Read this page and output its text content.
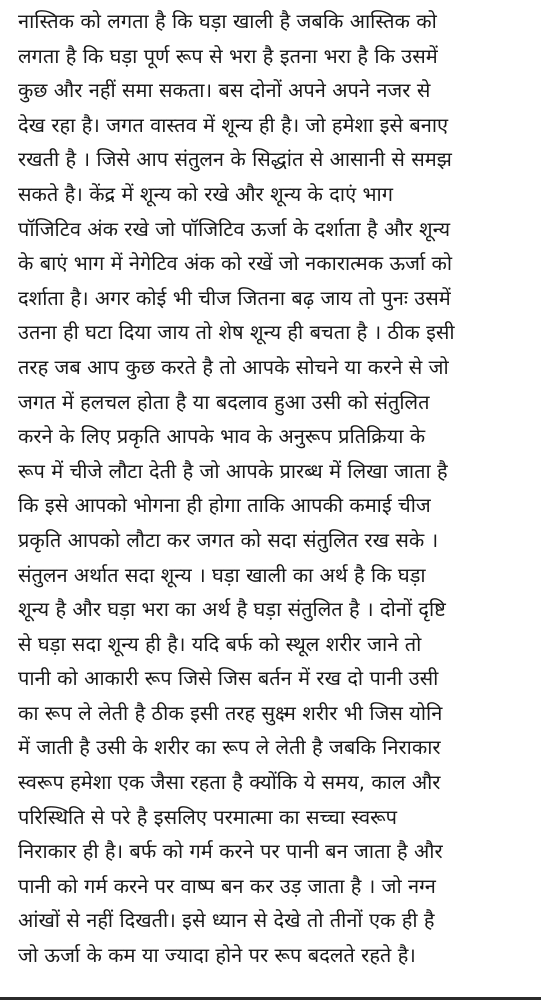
नास्तिक को लगता है कि घड़ा खाली है जबकि आस्तिक को
लगता है कि घड़ा पूर्ण रूप से भरा है इतना भरा है कि उसमें
कुछ और नहीं समा सकता। बस दोनों अपने अपने नजर से
देख रहा है। जगत वास्तव में शून्य ही है। जो हमेशा इसे बनाए
रखती है । जिसे आप संतुलन के सिद्धांत से आसानी से समझ
सकते है। केंद्र में शून्य को रखे और शून्य के दाएं भाग
पॉजिटिव अंक रखे जो पॉजिटिव ऊर्जा के दर्शाता है और शून्य
के बाएं भाग में नेगेटिव अंक को रखें जो नकारात्मक ऊर्जा को
दर्शाता है। अगर कोई भी चीज जितना बढ़ जाय तो पुनः उसमें
उतना ही घटा दिया जाय तो शेष शून्य ही बचता है । ठीक इसी
तरह जब आप कुछ करते है तो आपके सोचने या करने से जो
जगत में हलचल होता है या बदलाव हुआ उसी को संतुलित
करने के लिए प्रकृति आपके भाव के अनुरूप प्रतिक्रिया के
रूप में चीजे लौटा देती है जो आपके प्रारब्ध में लिखा जाता है
कि इसे आपको भोगना ही होगा ताकि आपकी कमाई चीज
प्रकृति आपको लौटा कर जगत को सदा संतुलित रख सके ।
संतुलन अर्थात सदा शून्य । घड़ा खाली का अर्थ है कि घड़ा
शून्य है और घड़ा भरा का अर्थ है घड़ा संतुलित है । दोनों दृष्टि
से घड़ा सदा शून्य ही है। यदि बर्फ को स्थूल शरीर जाने तो
पानी को आकारी रूप जिसे जिस बर्तन में रख दो पानी उसी
का रूप ले लेती है ठीक इसी तरह सुक्ष्म शरीर भी जिस योनि
में जाती है उसी के शरीर का रूप ले लेती है जबकि निराकार
स्वरूप हमेशा एक जैसा रहता है क्योंकि ये समय, काल और
परिस्थिति से परे है इसलिए परमात्मा का सच्चा स्वरूप
निराकार ही है। बर्फ को गर्म करने पर पानी बन जाता है और
पानी को गर्म करने पर वाष्प बन कर उड़ जाता है । जो नग्न
आंखों से नहीं दिखती। इसे ध्यान से देखे तो तीनों एक ही है
जो ऊर्जा के कम या ज्यादा होने पर रूप बदलते रहते है।
